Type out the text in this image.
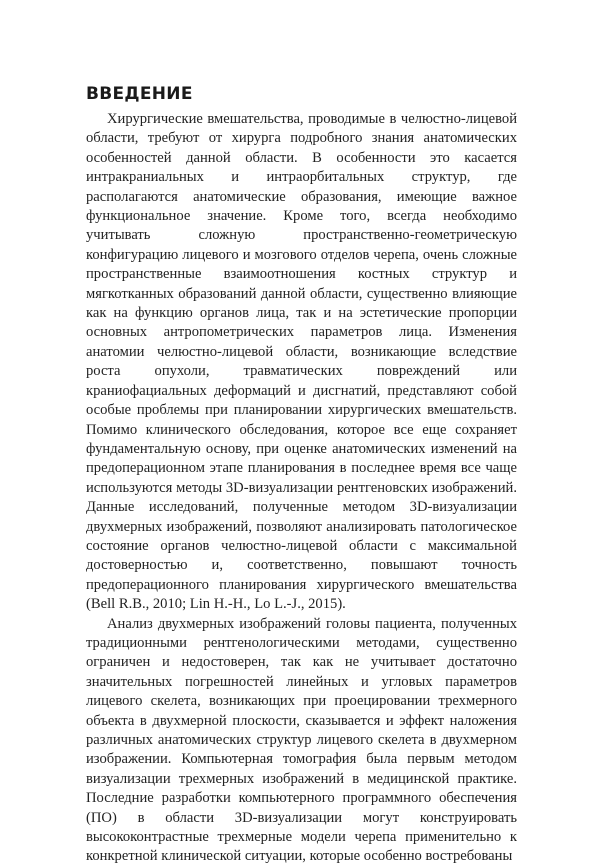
ВВЕДЕНИЕ

Хирургические вмешательства, проводимые в челюстно-лицевой области, требуют от хирурга подробного знания анатомических особенностей данной области. В особенности это касается интракраниальных и интраорбитальных структур, где располагаются анатомические образования, имеющие важное функциональное значение. Кроме того, всегда необходимо учитывать сложную пространственно-геометрическую конфигурацию лицевого и мозгового отделов черепа, очень сложные пространственные взаимоотношения костных структур и мягкотканных образований данной области, существенно влияющие как на функцию органов лица, так и на эстетические пропорции основных антропометрических параметров лица. Изменения анатомии челюстно-лицевой области, возникающие вследствие роста опухоли, травматических повреждений или краниофациальных деформаций и дисгнатий, представляют собой особые проблемы при планировании хирургических вмешательств. Помимо клинического обследования, которое все еще сохраняет фундаментальную основу, при оценке анатомических изменений на предоперационном этапе планирования в последнее время все чаще используются методы 3D-визуализации рентгеновских изображений. Данные исследований, полученные методом 3D-визуализации двухмерных изображений, позволяют анализировать патологическое состояние органов челюстно-лицевой области с максимальной достоверностью и, соответственно, повышают точность предоперационного планирования хирургического вмешательства (Bell R.B., 2010; Lin H.-H., Lo L.-J., 2015).

Анализ двухмерных изображений головы пациента, полученных традиционными рентгенологическими методами, существенно ограничен и недостоверен, так как не учитывает достаточно значительных погрешностей линейных и угловых параметров лицевого скелета, возникающих при проецировании трехмерного объекта в двухмерной плоскости, сказывается и эффект наложения различных анатомических структур лицевого скелета в двухмерном изображении. Компьютерная томография была первым методом визуализации трехмерных изображений в медицинской практике. Последние разработки компьютерного программного обеспечения (ПО) в области 3D-визуализации могут конструировать высококонтрастные трехмерные модели черепа применительно к конкретной клинической ситуации, которые особенно востребованы
